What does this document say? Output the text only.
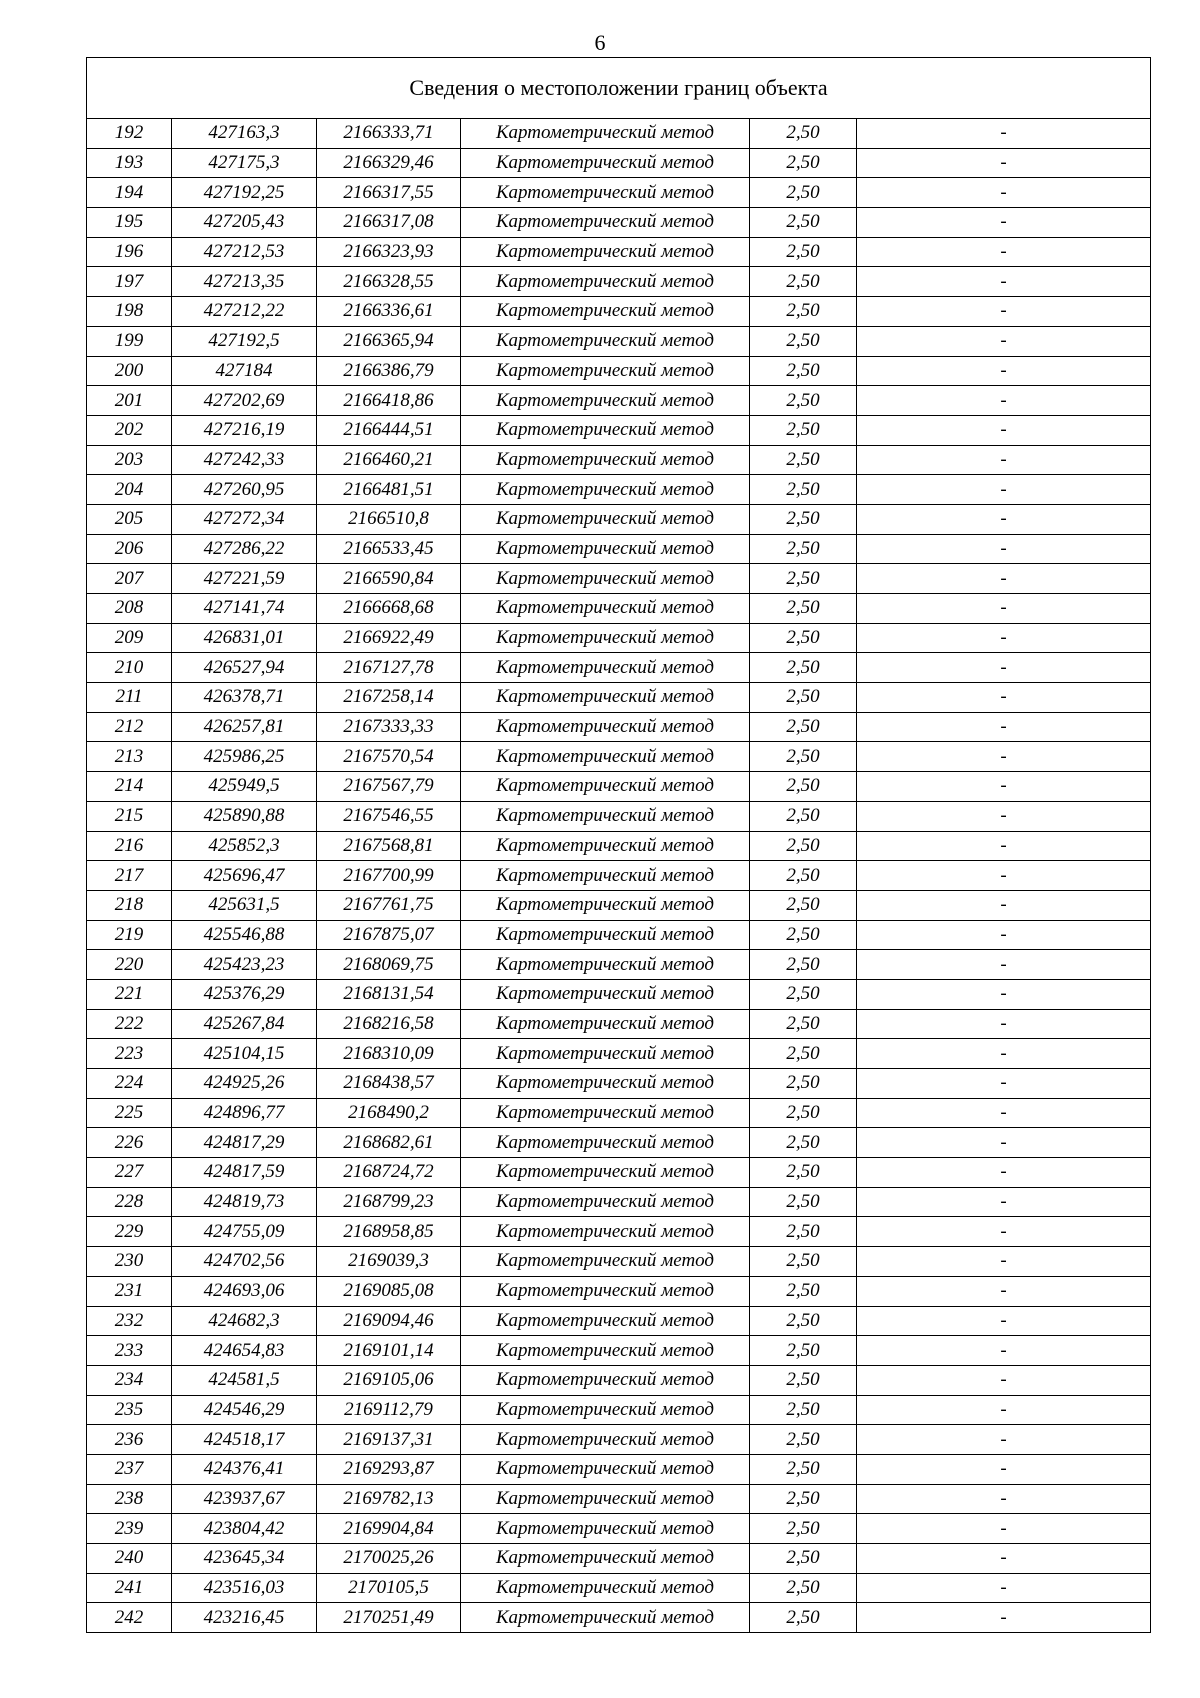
6
Сведения о местоположении границ объекта					
192	427163,3	2166333,71	Картометрический метод	2,50	-
193	427175,3	2166329,46	Картометрический метод	2,50	-
194	427192,25	2166317,55	Картометрический метод	2,50	-
195	427205,43	2166317,08	Картометрический метод	2,50	-
196	427212,53	2166323,93	Картометрический метод	2,50	-
197	427213,35	2166328,55	Картометрический метод	2,50	-
198	427212,22	2166336,61	Картометрический метод	2,50	-
199	427192,5	2166365,94	Картометрический метод	2,50	-
200	427184	2166386,79	Картометрический метод	2,50	-
201	427202,69	2166418,86	Картометрический метод	2,50	-
202	427216,19	2166444,51	Картометрический метод	2,50	-
203	427242,33	2166460,21	Картометрический метод	2,50	-
204	427260,95	2166481,51	Картометрический метод	2,50	-
205	427272,34	2166510,8	Картометрический метод	2,50	-
206	427286,22	2166533,45	Картометрический метод	2,50	-
207	427221,59	2166590,84	Картометрический метод	2,50	-
208	427141,74	2166668,68	Картометрический метод	2,50	-
209	426831,01	2166922,49	Картометрический метод	2,50	-
210	426527,94	2167127,78	Картометрический метод	2,50	-
211	426378,71	2167258,14	Картометрический метод	2,50	-
212	426257,81	2167333,33	Картометрический метод	2,50	-
213	425986,25	2167570,54	Картометрический метод	2,50	-
214	425949,5	2167567,79	Картометрический метод	2,50	-
215	425890,88	2167546,55	Картометрический метод	2,50	-
216	425852,3	2167568,81	Картометрический метод	2,50	-
217	425696,47	2167700,99	Картометрический метод	2,50	-
218	425631,5	2167761,75	Картометрический метод	2,50	-
219	425546,88	2167875,07	Картометрический метод	2,50	-
220	425423,23	2168069,75	Картометрический метод	2,50	-
221	425376,29	2168131,54	Картометрический метод	2,50	-
222	425267,84	2168216,58	Картометрический метод	2,50	-
223	425104,15	2168310,09	Картометрический метод	2,50	-
224	424925,26	2168438,57	Картометрический метод	2,50	-
225	424896,77	2168490,2	Картометрический метод	2,50	-
226	424817,29	2168682,61	Картометрический метод	2,50	-
227	424817,59	2168724,72	Картометрический метод	2,50	-
228	424819,73	2168799,23	Картометрический метод	2,50	-
229	424755,09	2168958,85	Картометрический метод	2,50	-
230	424702,56	2169039,3	Картометрический метод	2,50	-
231	424693,06	2169085,08	Картометрический метод	2,50	-
232	424682,3	2169094,46	Картометрический метод	2,50	-
233	424654,83	2169101,14	Картометрический метод	2,50	-
234	424581,5	2169105,06	Картометрический метод	2,50	-
235	424546,29	2169112,79	Картометрический метод	2,50	-
236	424518,17	2169137,31	Картометрический метод	2,50	-
237	424376,41	2169293,87	Картометрический метод	2,50	-
238	423937,67	2169782,13	Картометрический метод	2,50	-
239	423804,42	2169904,84	Картометрический метод	2,50	-
240	423645,34	2170025,26	Картометрический метод	2,50	-
241	423516,03	2170105,5	Картометрический метод	2,50	-
242	423216,45	2170251,49	Картометрический метод	2,50	-
